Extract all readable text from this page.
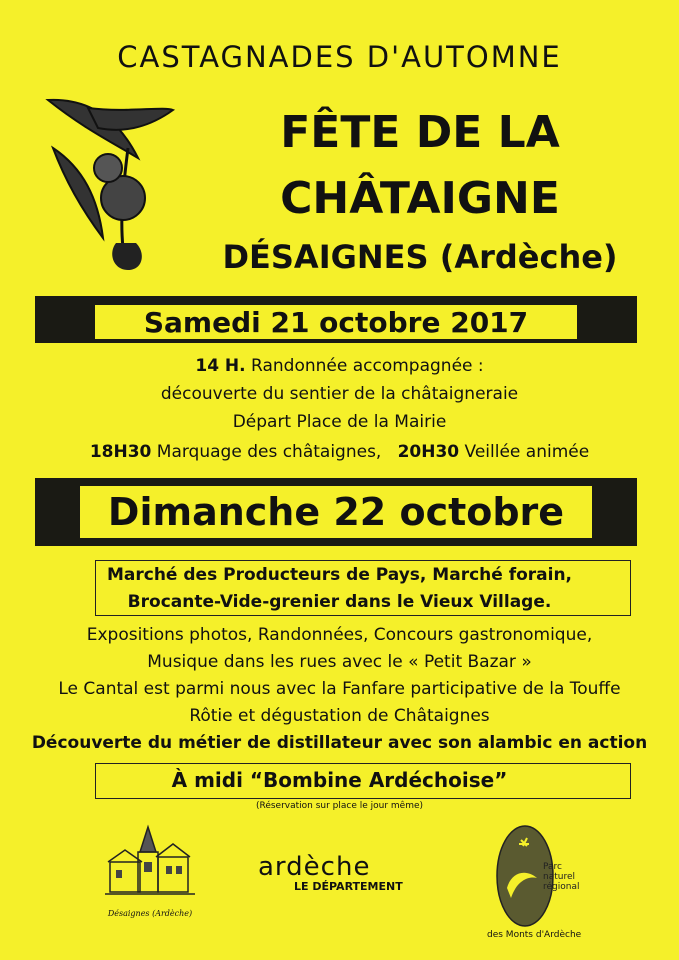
CASTAGNADES D'AUTOMNE
FÊTE DE LA
CHÂTAIGNE
DÉSAIGNES (Ardèche)
Samedi 21 octobre 2017
14 H. Randonnée accompagnée :
découverte du sentier de la châtaigneraie
Départ Place de la Mairie
18H30 Marquage des châtaignes, 20H30 Veillée animée
Dimanche 22 octobre
Marché des Producteurs de Pays, Marché forain,
Brocante-Vide-grenier dans le Vieux Village.
Expositions photos, Randonnées, Concours gastronomique,
Musique dans les rues avec le « Petit Bazar »
Le Cantal est parmi nous avec la Fanfare participative de la Touffe
Rôtie et dégustation de Châtaignes
Découverte du métier de distillateur avec son alambic en action
À midi “Bombine Ardéchoise”
(Réservation sur place le jour même)
Désaignes (Ardèche)
ardèche
LE DÉPARTEMENT
Parc
naturel
régional
des Monts d'Ardèche
